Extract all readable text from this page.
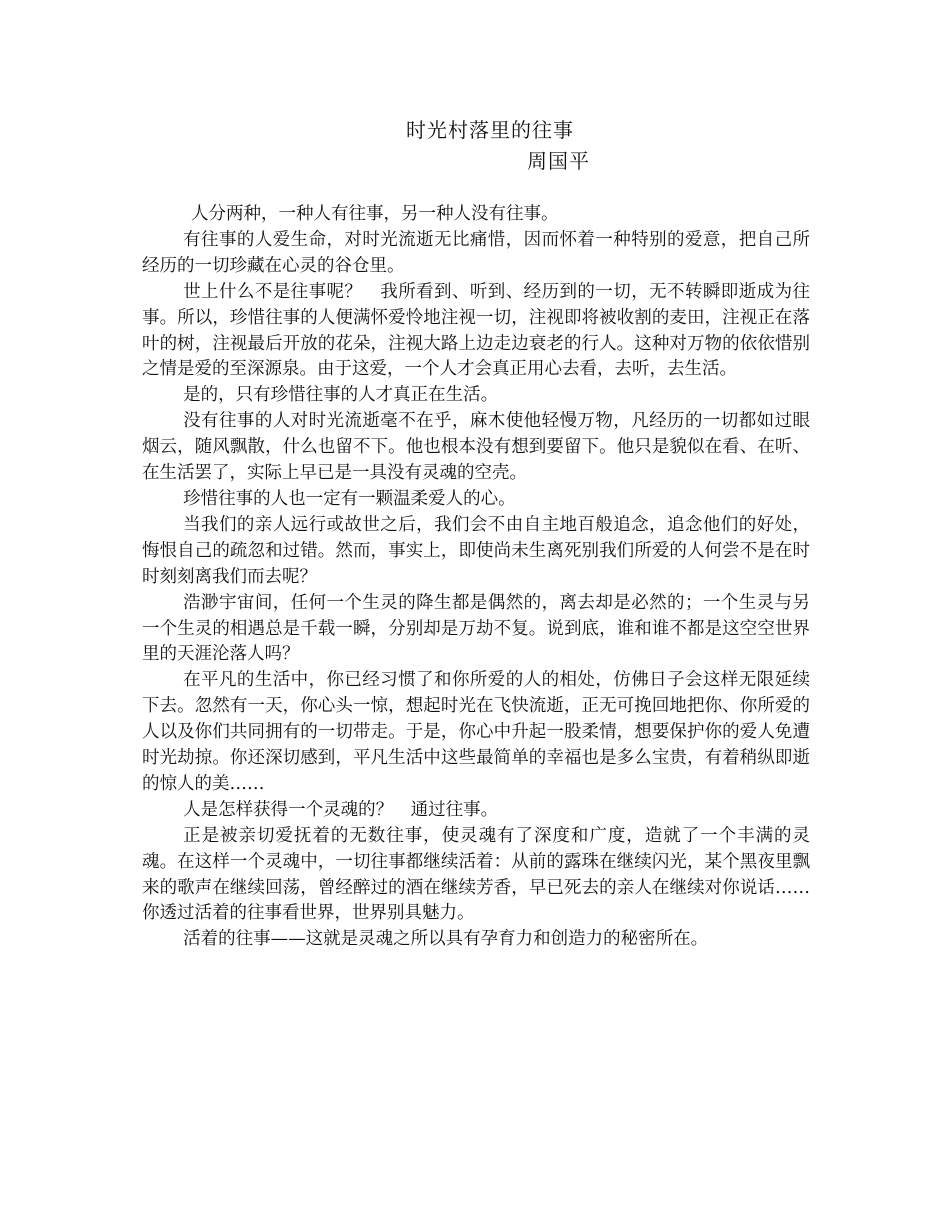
时光村落里的往事
周国平

人分两种，一种人有往事，另一种人没有往事。

有往事的人爱生命，对时光流逝无比痛惜，因而怀着一种特别的爱意，把自己所经历的一切珍藏在心灵的谷仓里。

世上什么不是往事呢？　我所看到、听到、经历到的一切，无不转瞬即逝成为往事。所以，珍惜往事的人便满怀爱怜地注视一切，注视即将被收割的麦田，注视正在落叶的树，注视最后开放的花朵，注视大路上边走边衰老的行人。这种对万物的依依惜别之情是爱的至深源泉。由于这爱，一个人才会真正用心去看，去听，去生活。

是的，只有珍惜往事的人才真正在生活。

没有往事的人对时光流逝毫不在乎，麻木使他轻慢万物，凡经历的一切都如过眼烟云，随风飘散，什么也留不下。他也根本没有想到要留下。他只是貌似在看、在听、在生活罢了，实际上早已是一具没有灵魂的空壳。

珍惜往事的人也一定有一颗温柔爱人的心。

当我们的亲人远行或故世之后，我们会不由自主地百般追念，追念他们的好处，悔恨自己的疏忽和过错。然而，事实上，即使尚未生离死别我们所爱的人何尝不是在时时刻刻离我们而去呢？

浩渺宇宙间，任何一个生灵的降生都是偶然的，离去却是必然的；一个生灵与另一个生灵的相遇总是千载一瞬，分别却是万劫不复。说到底，谁和谁不都是这空空世界里的天涯沦落人吗？

在平凡的生活中，你已经习惯了和你所爱的人的相处，仿佛日子会这样无限延续下去。忽然有一天，你心头一惊，想起时光在飞快流逝，正无可挽回地把你、你所爱的人以及你们共同拥有的一切带走。于是，你心中升起一股柔情，想要保护你的爱人免遭时光劫掠。你还深切感到，平凡生活中这些最简单的幸福也是多么宝贵，有着稍纵即逝的惊人的美……

人是怎样获得一个灵魂的？　通过往事。

正是被亲切爱抚着的无数往事，使灵魂有了深度和广度，造就了一个丰满的灵魂。在这样一个灵魂中，一切往事都继续活着：从前的露珠在继续闪光，某个黑夜里飘来的歌声在继续回荡，曾经醉过的酒在继续芳香，早已死去的亲人在继续对你说话……你透过活着的往事看世界，世界别具魅力。

活着的往事——这就是灵魂之所以具有孕育力和创造力的秘密所在。
